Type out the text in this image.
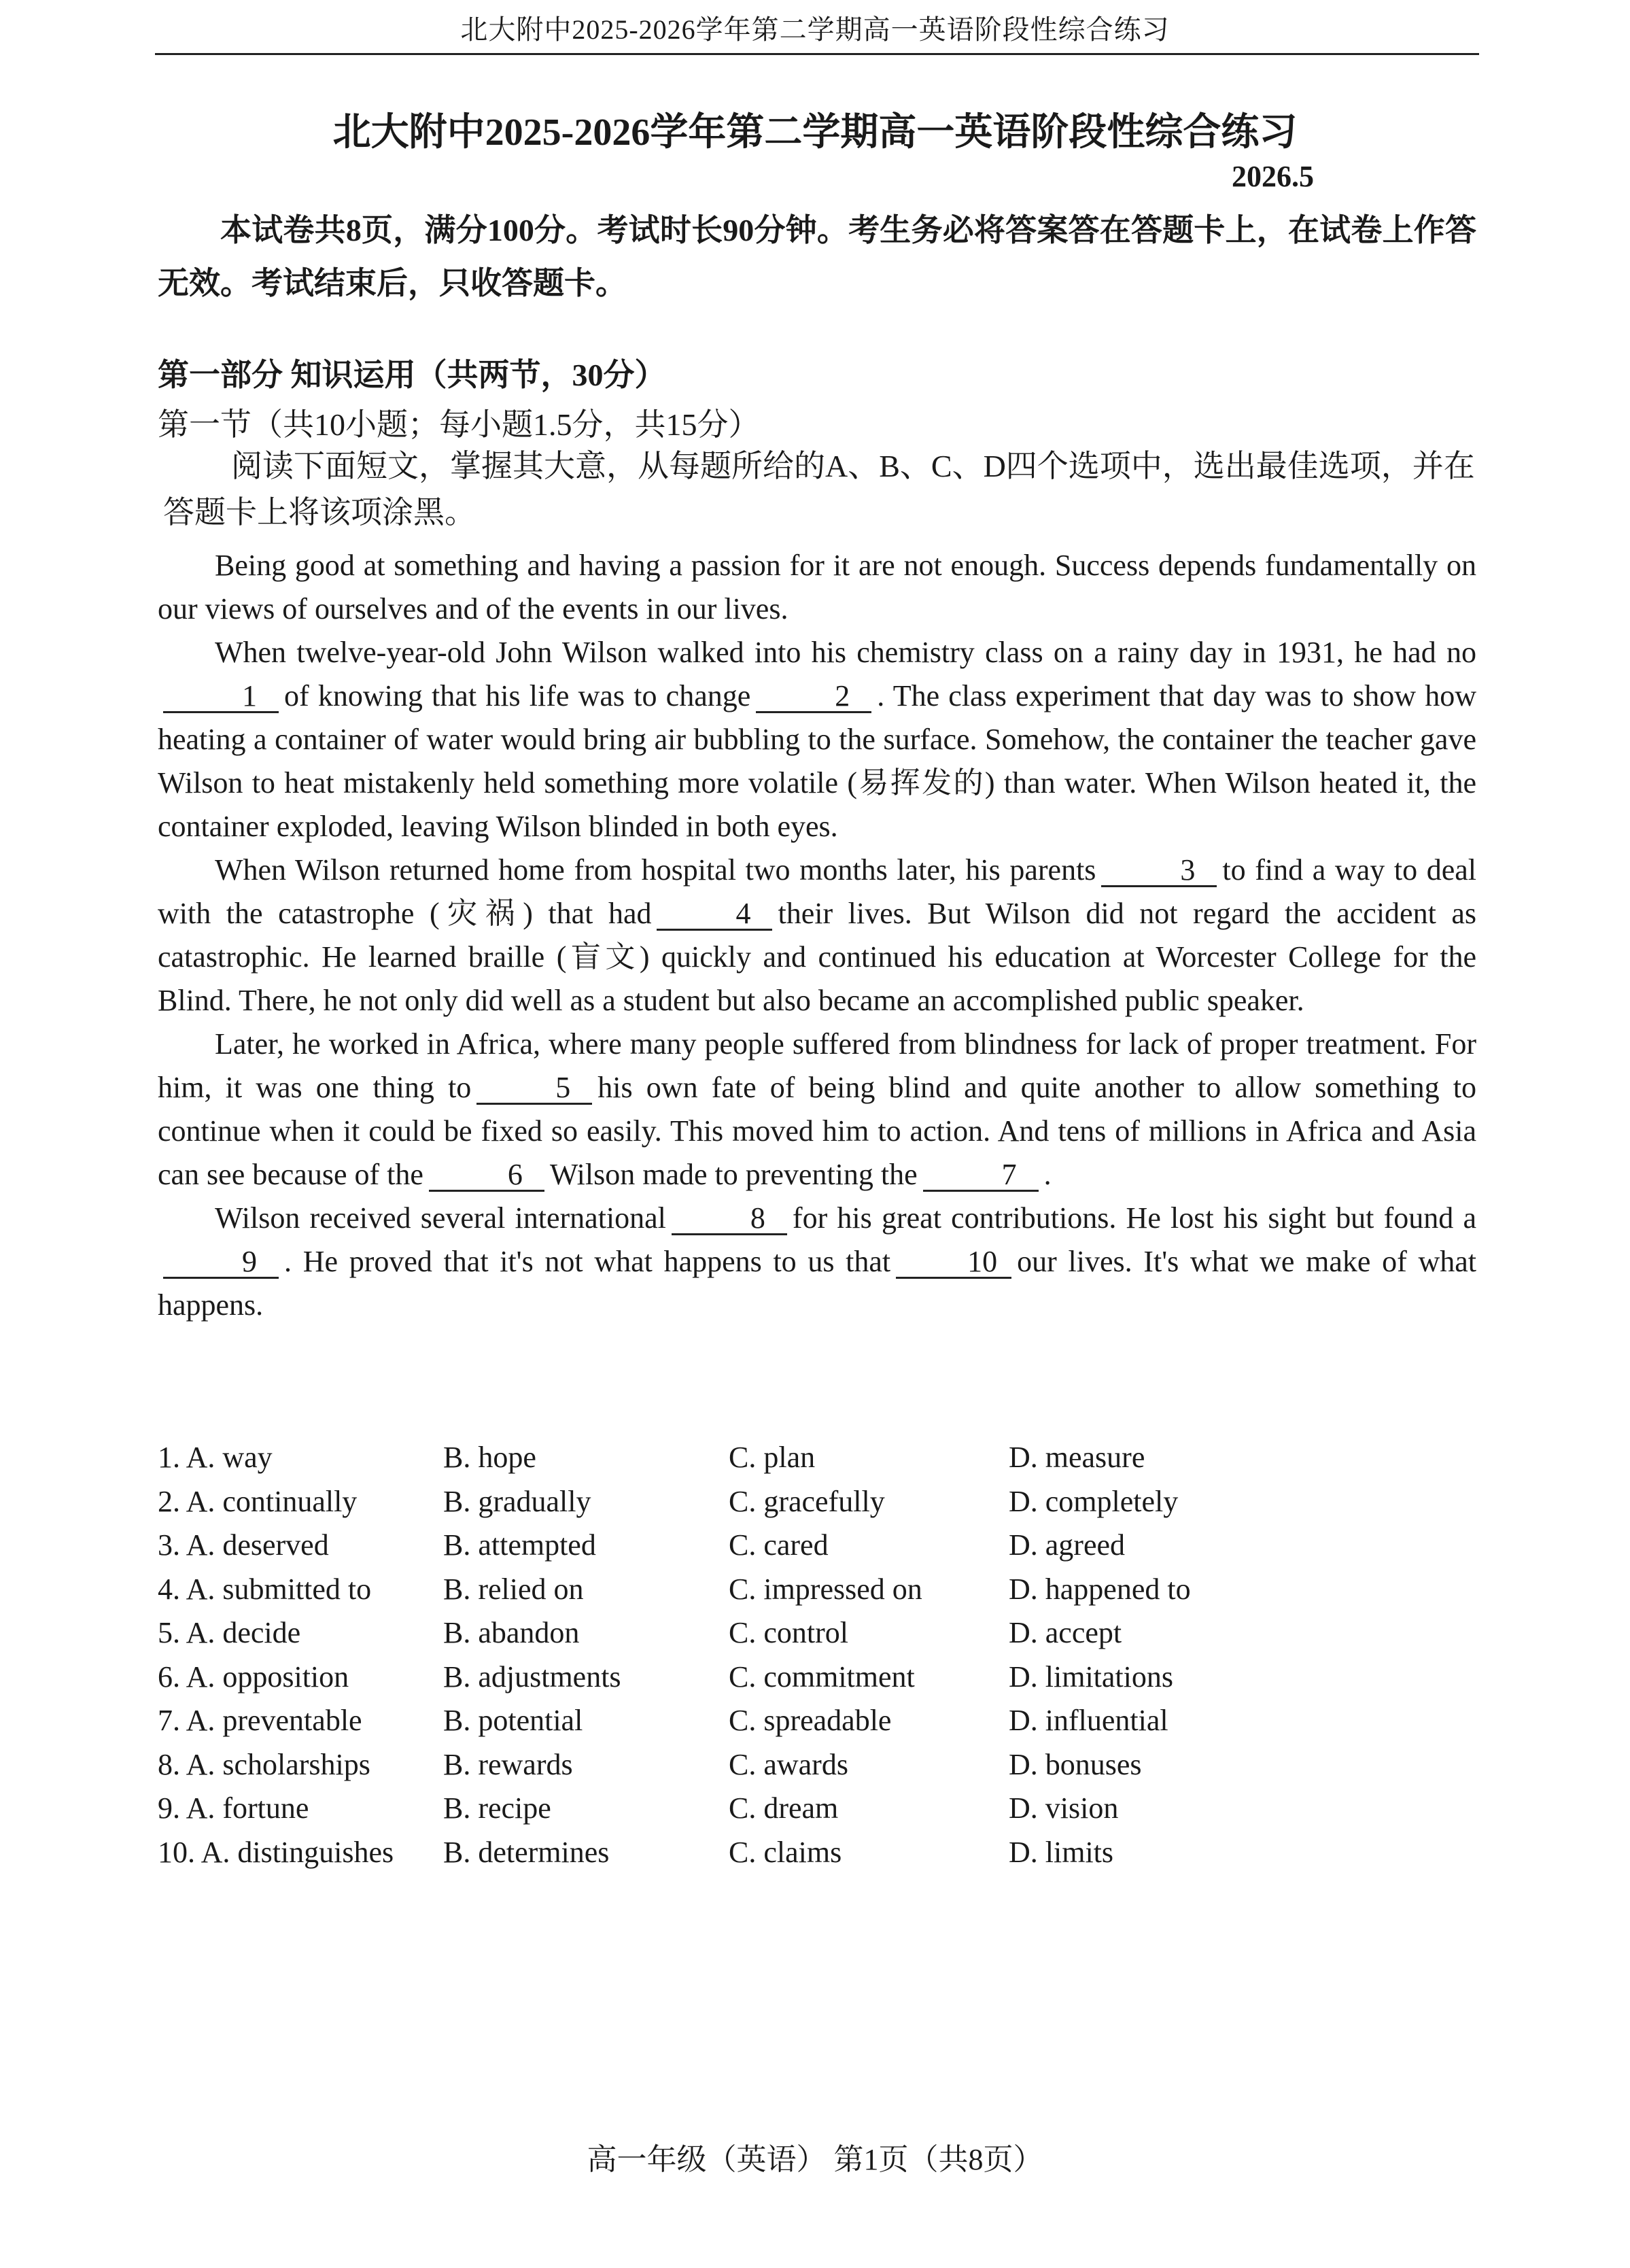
北大附中2025-2026学年第二学期高一英语阶段性综合练习
北大附中2025-2026学年第二学期高一英语阶段性综合练习
2026.5
本试卷共8页，满分100分。考试时长90分钟。考生务必将答案答在答题卡上，在试卷上作答无效。考试结束后，只收答题卡。
第一部分 知识运用（共两节，30分）
第一节（共10小题；每小题1.5分，共15分）
阅读下面短文，掌握其大意，从每题所给的A、B、C、D四个选项中，选出最佳选项，并在答题卡上将该项涂黑。

Being good at something and having a passion for it are not enough. Success depends fundamentally on our views of ourselves and of the events in our lives.

When twelve-year-old John Wilson walked into his chemistry class on a rainy day in 1931, he had no1 of knowing that his life was to change	2 . The class experiment that day was to show how heating a container of water would bring air bubbling to the surface. Somehow, the container the teacher gave Wilson to heat mistakenly held something more volatile (易挥发的) than water. When Wilson heated it, the container exploded, leaving Wilson blinded in both eyes.

When Wilson returned home from hospital two months later, his parents	3 to find a way to deal with the catastrophe (灾祸) that had	4 their lives. But Wilson did not regard the accident as catastrophic. He learned braille (盲文) quickly and continued his education at Worcester College for the Blind. There, he not only did well as a student but also became an accomplished public speaker.

Later, he worked in Africa, where many people suffered from blindness for lack of proper treatment. For him, it was one thing to	5 his own fate of being blind and quite another to allow something to continue when it could be fixed so easily. This moved him to action. And tens of millions in Africa and Asia can see because of the	6 Wilson made to preventing the	7 .

Wilson received several international	8 for his great contributions. He lost his sight but found a9 . He proved that it's not what happens to us that	10 our lives. It's what we make of what happens.

1. A. way	B. hope	C. plan	D. measure
2. A. continually	B. gradually	C. gracefully	D. completely
3. A. deserved	B. attempted	C. cared	D. agreed
4. A. submitted to	B. relied on	C. impressed on	D. happened to
5. A. decide	B. abandon	C. control	D. accept
6. A. opposition	B. adjustments	C. commitment	D. limitations
7. A. preventable	B. potential	C. spreadable	D. influential
8. A. scholarships	B. rewards	C. awards	D. bonuses
9. A. fortune	B. recipe	C. dream	D. vision
10. A. distinguishes	B. determines	C. claims	D. limits
高一年级（英语） 第1页（共8页）
